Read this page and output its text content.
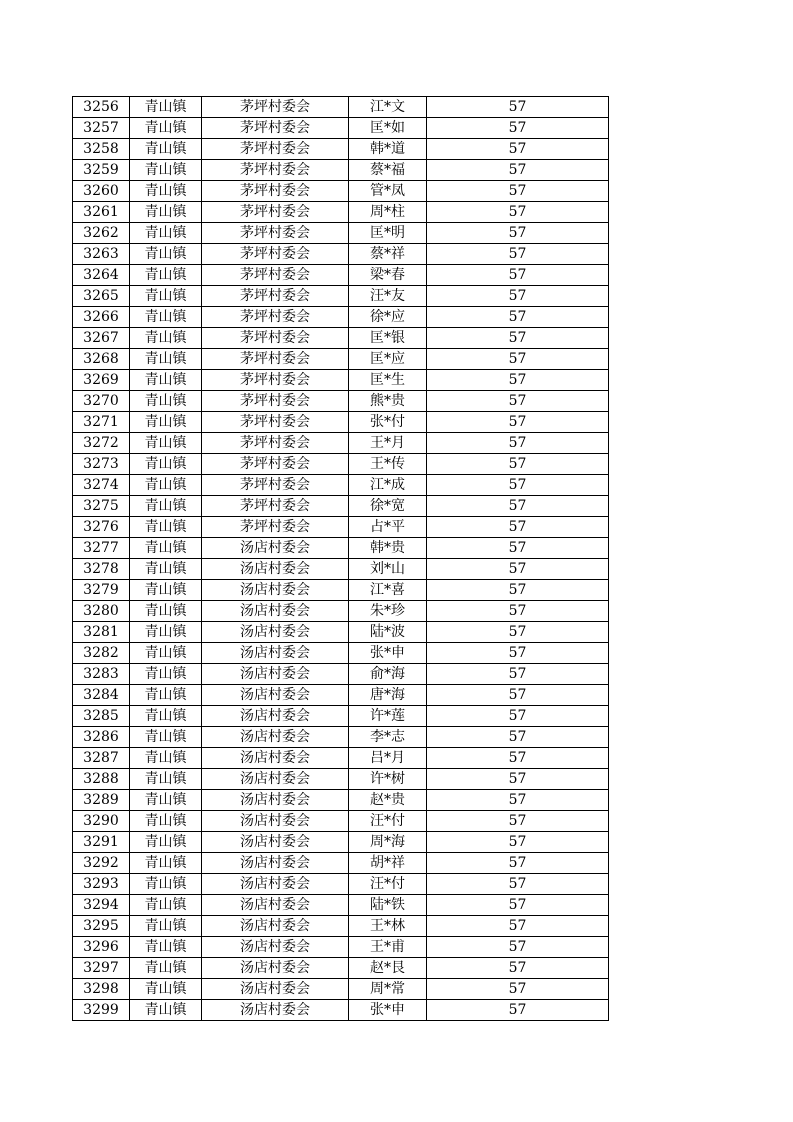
3256	青山镇	茅坪村委会	江*文	57
3257	青山镇	茅坪村委会	匡*如	57
3258	青山镇	茅坪村委会	韩*道	57
3259	青山镇	茅坪村委会	蔡*福	57
3260	青山镇	茅坪村委会	管*凤	57
3261	青山镇	茅坪村委会	周*柱	57
3262	青山镇	茅坪村委会	匡*明	57
3263	青山镇	茅坪村委会	蔡*祥	57
3264	青山镇	茅坪村委会	梁*春	57
3265	青山镇	茅坪村委会	汪*友	57
3266	青山镇	茅坪村委会	徐*应	57
3267	青山镇	茅坪村委会	匡*银	57
3268	青山镇	茅坪村委会	匡*应	57
3269	青山镇	茅坪村委会	匡*生	57
3270	青山镇	茅坪村委会	熊*贵	57
3271	青山镇	茅坪村委会	张*付	57
3272	青山镇	茅坪村委会	王*月	57
3273	青山镇	茅坪村委会	王*传	57
3274	青山镇	茅坪村委会	江*成	57
3275	青山镇	茅坪村委会	徐*宽	57
3276	青山镇	茅坪村委会	占*平	57
3277	青山镇	汤店村委会	韩*贵	57
3278	青山镇	汤店村委会	刘*山	57
3279	青山镇	汤店村委会	江*喜	57
3280	青山镇	汤店村委会	朱*珍	57
3281	青山镇	汤店村委会	陆*波	57
3282	青山镇	汤店村委会	张*申	57
3283	青山镇	汤店村委会	俞*海	57
3284	青山镇	汤店村委会	唐*海	57
3285	青山镇	汤店村委会	许*莲	57
3286	青山镇	汤店村委会	李*志	57
3287	青山镇	汤店村委会	吕*月	57
3288	青山镇	汤店村委会	许*树	57
3289	青山镇	汤店村委会	赵*贵	57
3290	青山镇	汤店村委会	汪*付	57
3291	青山镇	汤店村委会	周*海	57
3292	青山镇	汤店村委会	胡*祥	57
3293	青山镇	汤店村委会	汪*付	57
3294	青山镇	汤店村委会	陆*铁	57
3295	青山镇	汤店村委会	王*林	57
3296	青山镇	汤店村委会	王*甫	57
3297	青山镇	汤店村委会	赵*艮	57
3298	青山镇	汤店村委会	周*常	57
3299	青山镇	汤店村委会	张*申	57
